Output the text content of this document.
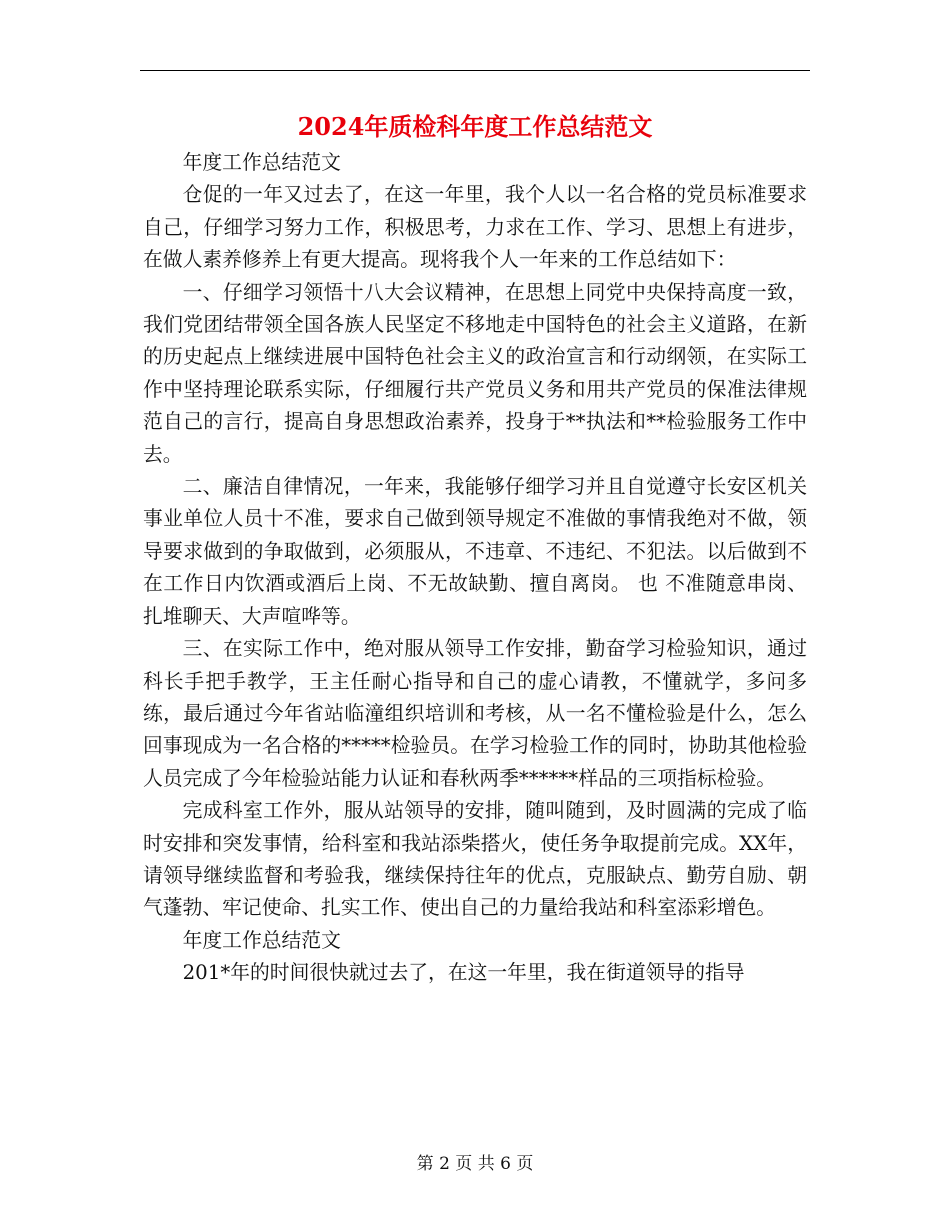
2024年质检科年度工作总结范文

年度工作总结范文

仓促的一年又过去了，在这一年里，我个人以一名合格的党员标准要求自己，仔细学习努力工作，积极思考，力求在工作、学习、思想上有进步，在做人素养修养上有更大提高。现将我个人一年来的工作总结如下：

一、仔细学习领悟十八大会议精神，在思想上同党中央保持高度一致，我们党团结带领全国各族人民坚定不移地走中国特色的社会主义道路，在新的历史起点上继续进展中国特色社会主义的政治宣言和行动纲领，在实际工作中坚持理论联系实际，仔细履行共产党员义务和用共产党员的保准法律规范自己的言行，提高自身思想政治素养，投身于**执法和**检验服务工作中去。

二、廉洁自律情况，一年来，我能够仔细学习并且自觉遵守长安区机关事业单位人员十不准，要求自己做到领导规定不准做的事情我绝对不做，领导要求做到的争取做到，必须服从，不违章、不违纪、不犯法。以后做到不在工作日内饮酒或酒后上岗、不无故缺勤、擅自离岗。 也 不准随意串岗、扎堆聊天、大声喧哗等。

三、在实际工作中，绝对服从领导工作安排，勤奋学习检验知识，通过科长手把手教学，王主任耐心指导和自己的虚心请教，不懂就学，多问多练，最后通过今年省站临潼组织培训和考核，从一名不懂检验是什么，怎么回事现成为一名合格的*****检验员。在学习检验工作的同时，协助其他检验人员完成了今年检验站能力认证和春秋两季******样品的三项指标检验。

完成科室工作外，服从站领导的安排，随叫随到，及时圆满的完成了临时安排和突发事情，给科室和我站添柴搭火，使任务争取提前完成。XX年，请领导继续监督和考验我，继续保持往年的优点，克服缺点、勤劳自励、朝气蓬勃、牢记使命、扎实工作、使出自己的力量给我站和科室添彩增色。

年度工作总结范文

201*年的时间很快就过去了，在这一年里，我在街道领导的指导

第 2 页 共 6 页
